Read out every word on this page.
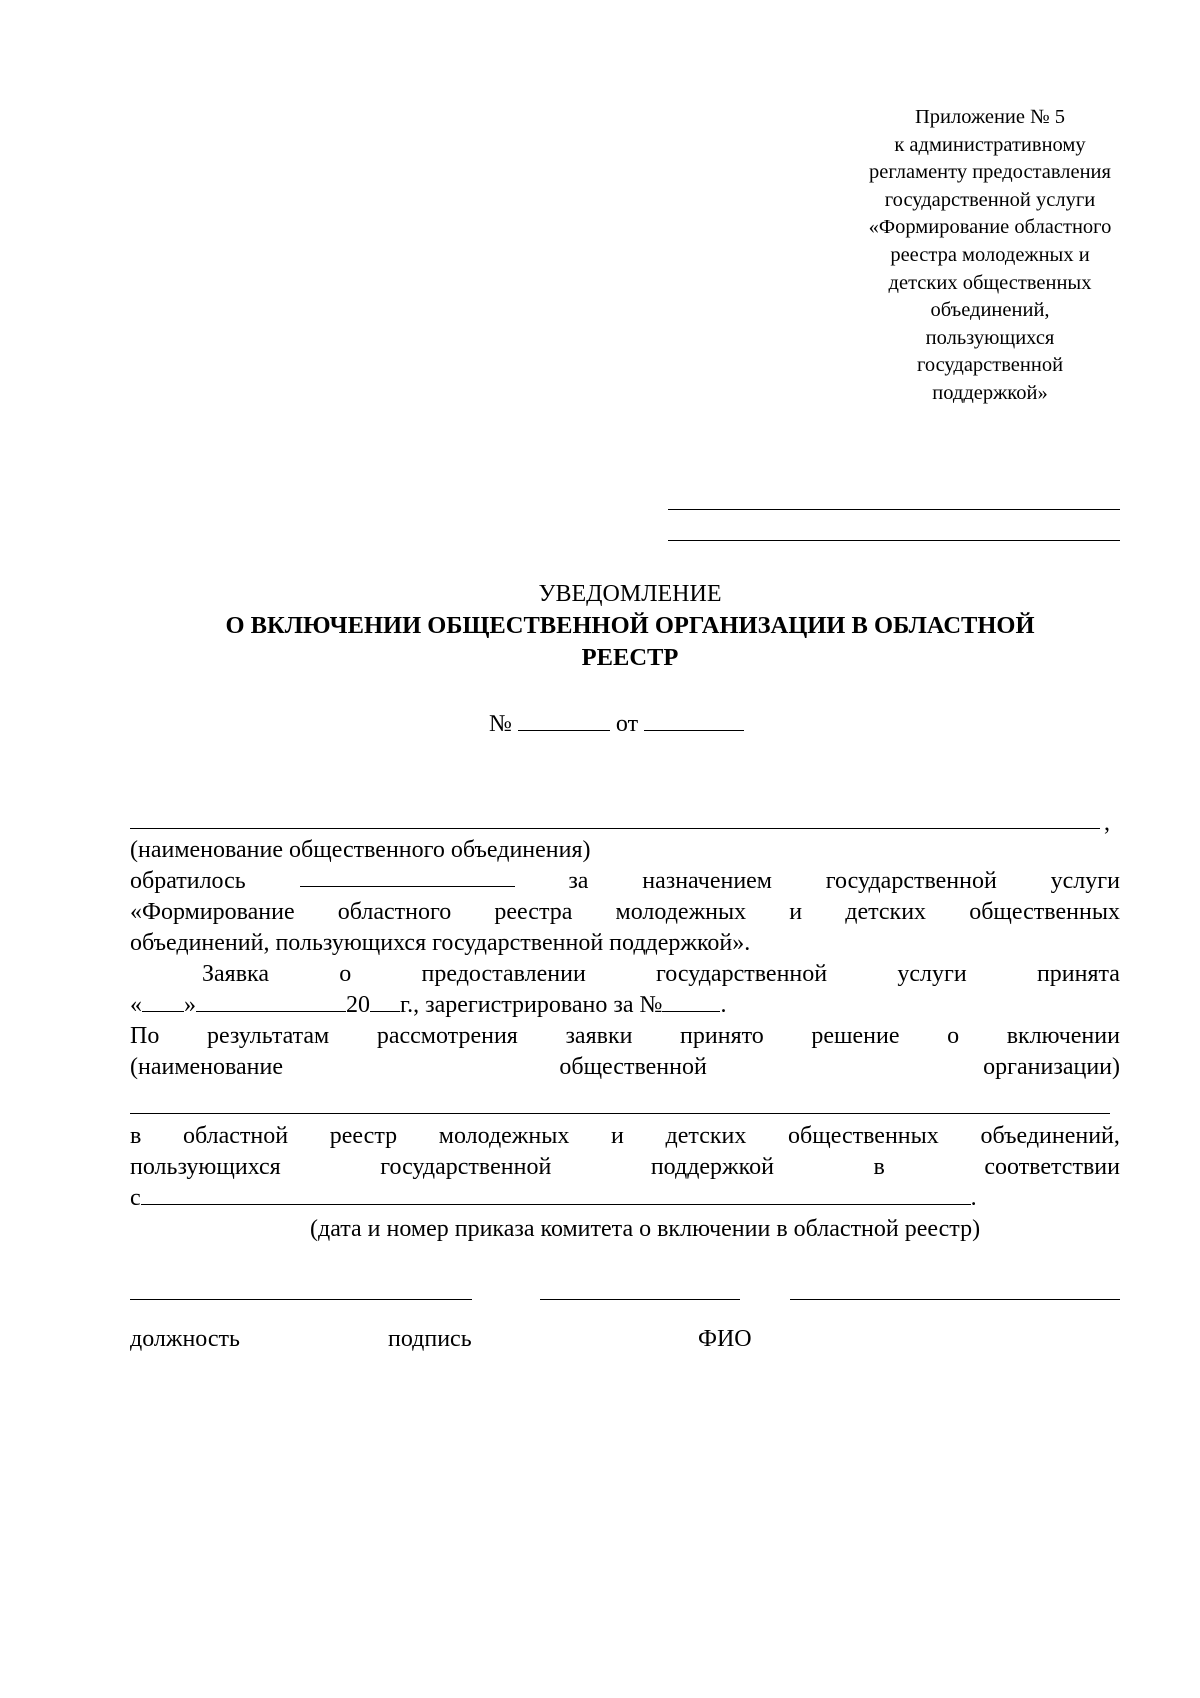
Приложение № 5
к административному
регламенту предоставления
государственной услуги
«Формирование областного
реестра молодежных и
детских общественных
объединений,
пользующихся
государственной
поддержкой»
УВЕДОМЛЕНИЕ
О ВКЛЮЧЕНИИ ОБЩЕСТВЕННОЙ ОРГАНИЗАЦИИ В ОБЛАСТНОЙ
РЕЕСТР
№	от
,
(наименование общественного объединения)
обратилось	за назначением государственной услуги
«Формирование областного реестра молодежных и детских общественных
объединений, пользующихся государственной поддержкой».
Заявка	о	предоставлении	государственной	услуги	принята
« »	20 г., зарегистрировано за № .
По результатам рассмотрения заявки принято решение о включении
(наименование	общественной	организации)
в областной реестр молодежных и детских общественных объединений,
пользующихся	государственной	поддержкой	в	соответствии
с	.
(дата и номер приказа комитета о включении в областной реестр)
должность	подпись	ФИО
